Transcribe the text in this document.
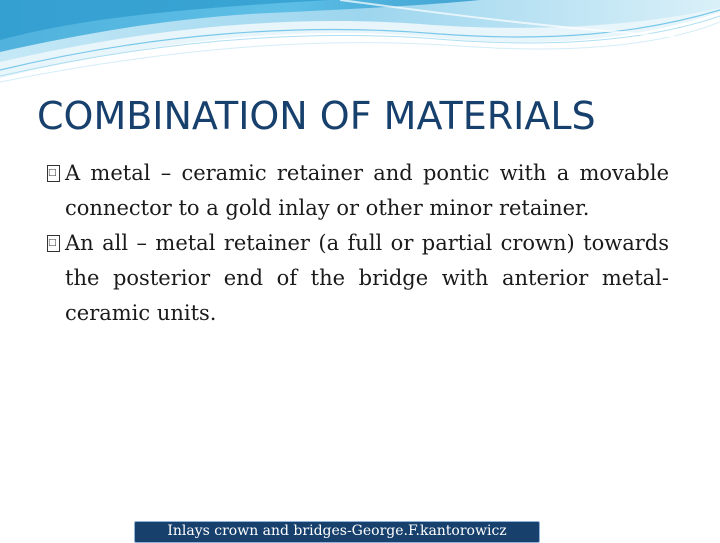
COMBINATION OF MATERIALS
□ A metal – ceramic retainer and pontic with a movable connector to a gold inlay or other minor retainer.
□ An all – metal retainer (a full or partial crown) towards the posterior end of the bridge with anterior metal-ceramic units.
Inlays crown and bridges-George.F.kantorowicz
